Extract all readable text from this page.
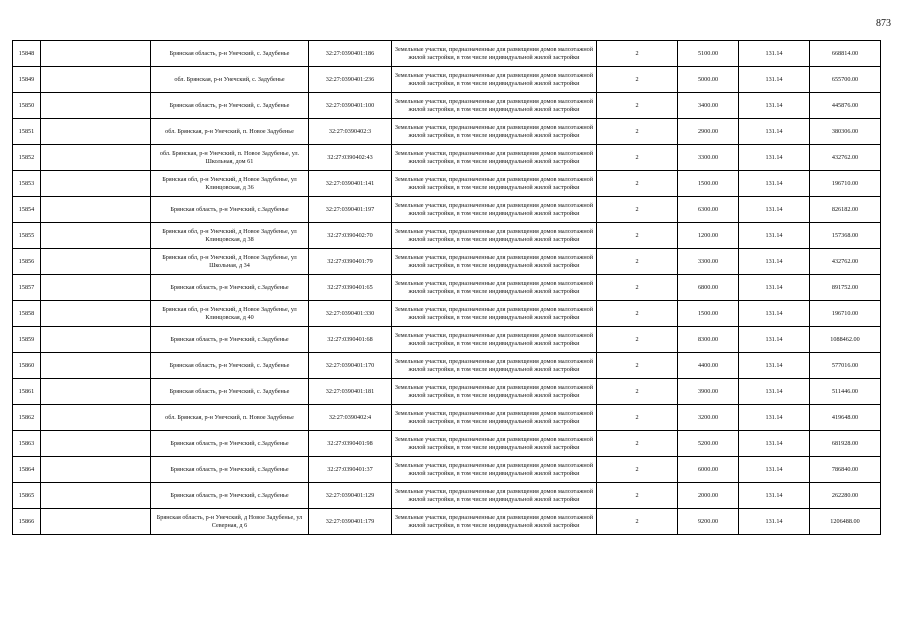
873
15848		Брянская область, р-н Унечский, с. Задубенье	32:27:0390401:186	Земельные участки, предназначенные для размещения домов малоэтажной жилой застройки, в том числе индивидуальной жилой застройки	2	5100.00	131.14	668814.00
15849		обл. Брянская, р-н Унечский, с. Задубенье	32:27:0390401:236	Земельные участки, предназначенные для размещения домов малоэтажной жилой застройки, в том числе индивидуальной жилой застройки	2	5000.00	131.14	655700.00
15850		Брянская область, р-н Унечский, с. Задубенье	32:27:0390401:100	Земельные участки, предназначенные для размещения домов малоэтажной жилой застройки, в том числе индивидуальной жилой застройки	2	3400.00	131.14	445876.00
15851		обл. Брянская, р-н Унечский, п. Новое Задубенье	32:27:0390402:3	Земельные участки, предназначенные для размещения домов малоэтажной жилой застройки, в том числе индивидуальной жилой застройки	2	2900.00	131.14	380306.00
15852		обл. Брянская, р-н Унечский, п. Новое Задубенье, ул. Школьная, дом 61	32:27:0390402:43	Земельные участки, предназначенные для размещения домов малоэтажной жилой застройки, в том числе индивидуальной жилой застройки	2	3300.00	131.14	432762.00
15853		Брянская обл, р-н Унечский, д Новое Задубенье, ул Клинцовская, д 36	32:27:0390401:141	Земельные участки, предназначенные для размещения домов малоэтажной жилой застройки, в том числе индивидуальной жилой застройки	2	1500.00	131.14	196710.00
15854		Брянская область, р-н Унечский, с.Задубенье	32:27:0390401:197	Земельные участки, предназначенные для размещения домов малоэтажной жилой застройки, в том числе индивидуальной жилой застройки	2	6300.00	131.14	826182.00
15855		Брянская обл, р-н Унечский, д Новое Задубенье, ул Клинцовская, д 38	32:27:0390402:70	Земельные участки, предназначенные для размещения домов малоэтажной жилой застройки, в том числе индивидуальной жилой застройки	2	1200.00	131.14	157368.00
15856		Брянская обл, р-н Унечский, д Новое Задубенье, ул Школьная, д 34	32:27:0390401:79	Земельные участки, предназначенные для размещения домов малоэтажной жилой застройки, в том числе индивидуальной жилой застройки	2	3300.00	131.14	432762.00
15857		Брянская область, р-н Унечский, с.Задубенье	32:27:0390401:65	Земельные участки, предназначенные для размещения домов малоэтажной жилой застройки, в том числе индивидуальной жилой застройки	2	6800.00	131.14	891752.00
15858		Брянская обл, р-н Унечский, д Новое Задубенье, ул Клинцовская, д 40	32:27:0390401:330	Земельные участки, предназначенные для размещения домов малоэтажной жилой застройки, в том числе индивидуальной жилой застройки	2	1500.00	131.14	196710.00
15859		Брянская область, р-н Унечский, с.Задубенье	32:27:0390401:68	Земельные участки, предназначенные для размещения домов малоэтажной жилой застройки, в том числе индивидуальной жилой застройки	2	8300.00	131.14	1088462.00
15860		Брянская область, р-н Унечский, с. Задубенье	32:27:0390401:170	Земельные участки, предназначенные для размещения домов малоэтажной жилой застройки, в том числе индивидуальной жилой застройки	2	4400.00	131.14	577016.00
15861		Брянская область, р-н Унечский, с. Задубенье	32:27:0390401:181	Земельные участки, предназначенные для размещения домов малоэтажной жилой застройки, в том числе индивидуальной жилой застройки	2	3900.00	131.14	511446.00
15862		обл. Брянская, р-н Унечский, п. Новое Задубенье	32:27:0390402:4	Земельные участки, предназначенные для размещения домов малоэтажной жилой застройки, в том числе индивидуальной жилой застройки	2	3200.00	131.14	419648.00
15863		Брянская область, р-н Унечский, с.Задубенье	32:27:0390401:98	Земельные участки, предназначенные для размещения домов малоэтажной жилой застройки, в том числе индивидуальной жилой застройки	2	5200.00	131.14	681928.00
15864		Брянская область, р-н Унечский, с.Задубенье	32:27:0390401:37	Земельные участки, предназначенные для размещения домов малоэтажной жилой застройки, в том числе индивидуальной жилой застройки	2	6000.00	131.14	786840.00
15865		Брянская область, р-н Унечский, с.Задубенье	32:27:0390401:129	Земельные участки, предназначенные для размещения домов малоэтажной жилой застройки, в том числе индивидуальной жилой застройки	2	2000.00	131.14	262280.00
15866		Брянская область, р-н Унечский, д Новое Задубенье, ул Северная, д 6	32:27:0390401:179	Земельные участки, предназначенные для размещения домов малоэтажной жилой застройки, в том числе индивидуальной жилой застройки	2	9200.00	131.14	1206488.00
